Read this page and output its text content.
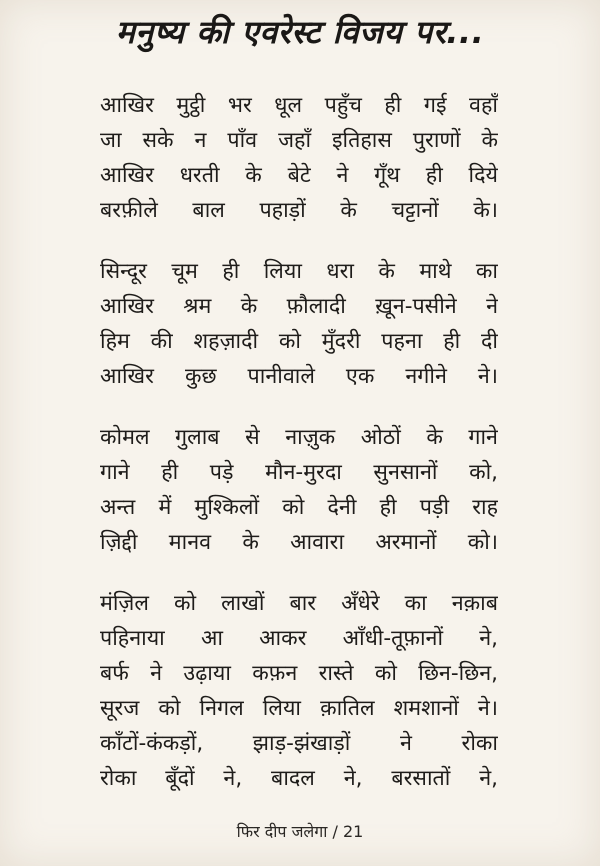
मनुष्य की एवरेस्ट विजय पर...
आखिर मुट्ठी भर धूल पहुँच ही गई वहाँ
जा सके न पाँव जहाँ इतिहास पुराणों के
आखिर धरती के बेटे ने गूँथ ही दिये
बरफ़ीले बाल पहाड़ों के चट्टानों के।
सिन्दूर चूम ही लिया धरा के माथे का
आखिर श्रम के फ़ौलादी ख़ून-पसीने ने
हिम की शहज़ादी को मुँदरी पहना ही दी
आखिर कुछ पानीवाले एक नगीने ने।
कोमल गुलाब से नाज़ुक ओठों के गाने
गाने ही पड़े मौन-मुरदा सुनसानों को,
अन्त में मुश्किलों को देनी ही पड़ी राह
ज़िद्दी मानव के आवारा अरमानों को।
मंज़िल को लाखों बार अँधेरे का नक़ाब
पहिनाया आ आकर आँधी-तूफ़ानों ने,
बर्फ ने उढ़ाया कफ़न रास्ते को छिन-छिन,
सूरज को निगल लिया क़ातिल शमशानों ने।
काँटों-कंकड़ों, झाड़-झंखाड़ों ने रोका
रोका बूँदों ने, बादल ने, बरसातों ने,
फिर दीप जलेगा / 21
